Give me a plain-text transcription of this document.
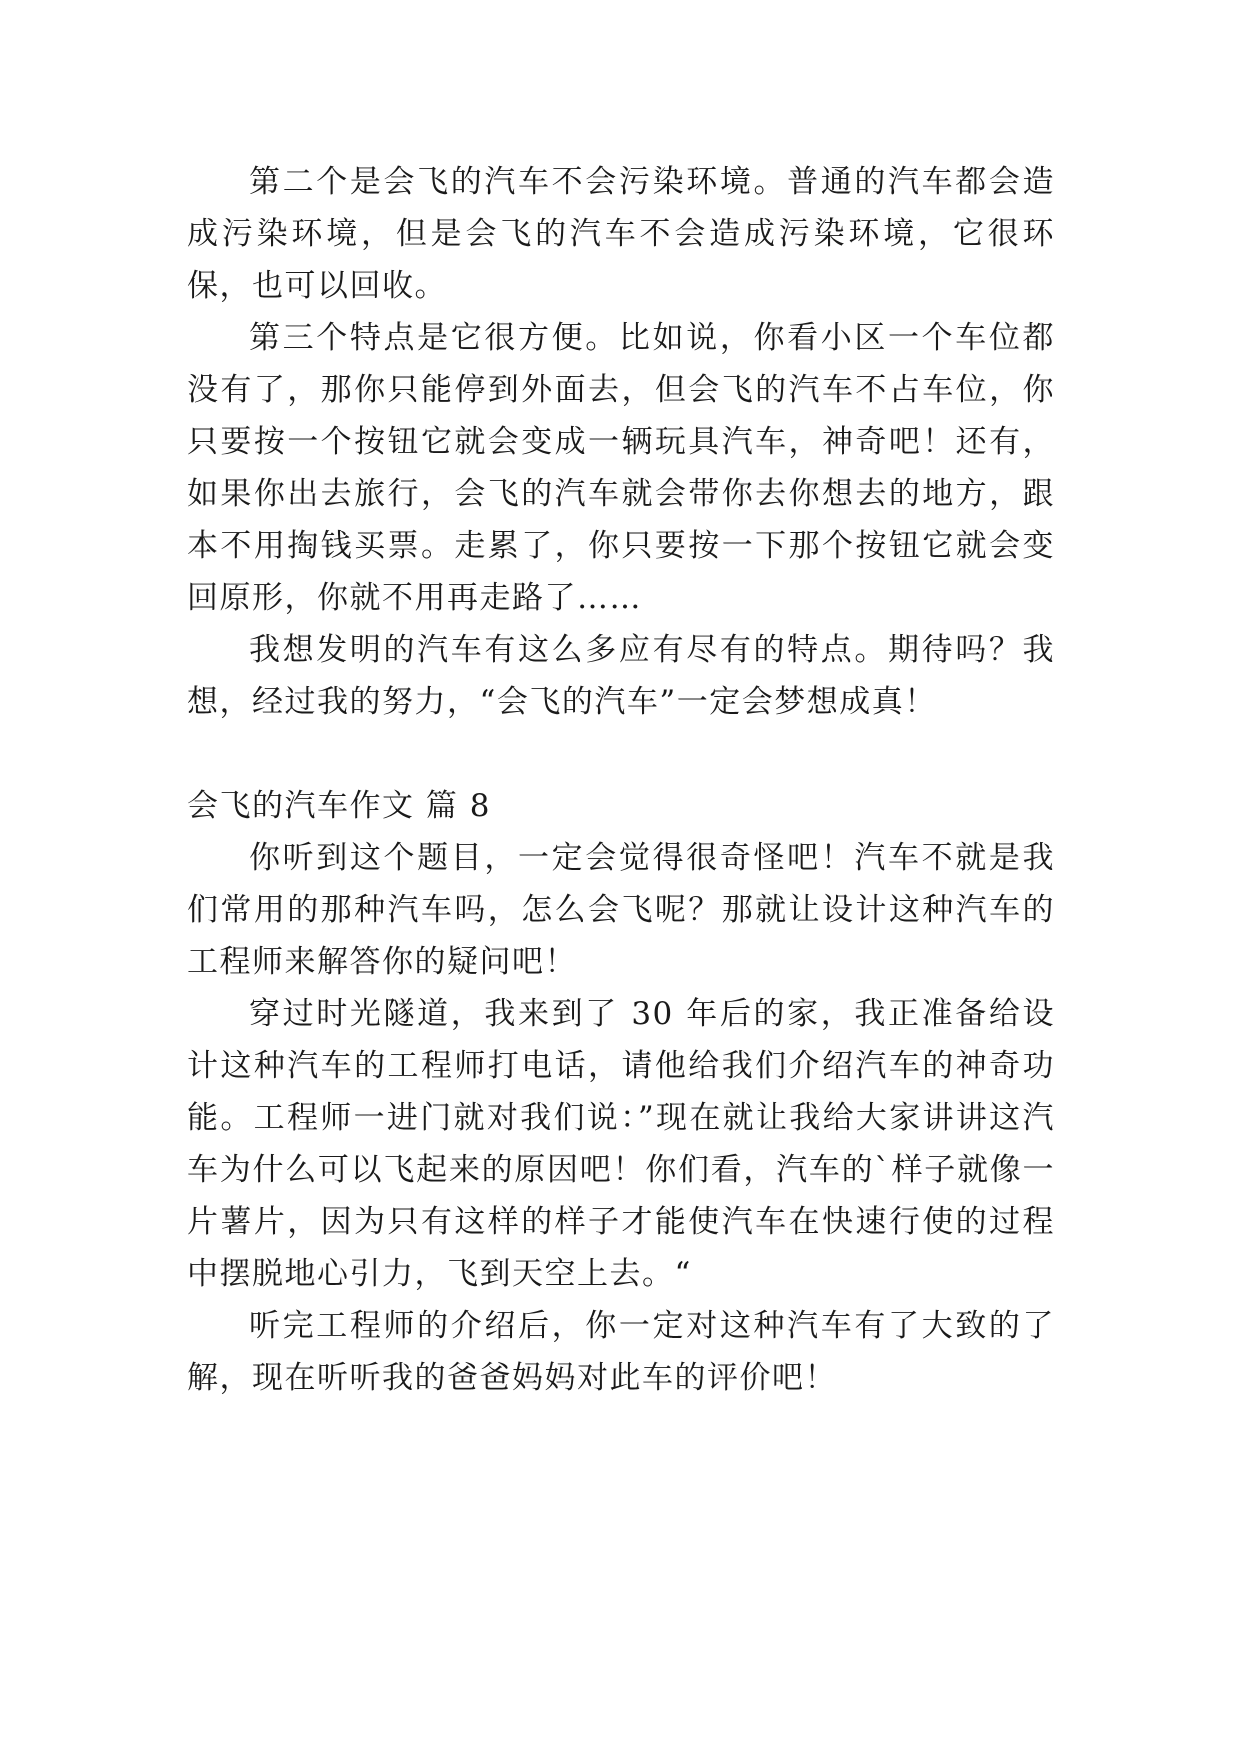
第二个是会飞的汽车不会污染环境。普通的汽车都会造成污染环境，但是会飞的汽车不会造成污染环境，它很环保，也可以回收。

第三个特点是它很方便。比如说，你看小区一个车位都没有了，那你只能停到外面去，但会飞的汽车不占车位，你只要按一个按钮它就会变成一辆玩具汽车，神奇吧！还有，如果你出去旅行，会飞的汽车就会带你去你想去的地方，跟本不用掏钱买票。走累了，你只要按一下那个按钮它就会变回原形，你就不用再走路了……

我想发明的汽车有这么多应有尽有的特点。期待吗？我想，经过我的努力，“会飞的汽车”一定会梦想成真！

会飞的汽车作文 篇 8

你听到这个题目，一定会觉得很奇怪吧！汽车不就是我们常用的那种汽车吗，怎么会飞呢？那就让设计这种汽车的工程师来解答你的疑问吧！

穿过时光隧道，我来到了 30 年后的家，我正准备给设计这种汽车的工程师打电话，请他给我们介绍汽车的神奇功能。工程师一进门就对我们说：”现在就让我给大家讲讲这汽车为什么可以飞起来的原因吧！你们看，汽车的`样子就像一片薯片，因为只有这样的样子才能使汽车在快速行使的过程中摆脱地心引力，飞到天空上去。“

听完工程师的介绍后，你一定对这种汽车有了大致的了解，现在听听我的爸爸妈妈对此车的评价吧！
